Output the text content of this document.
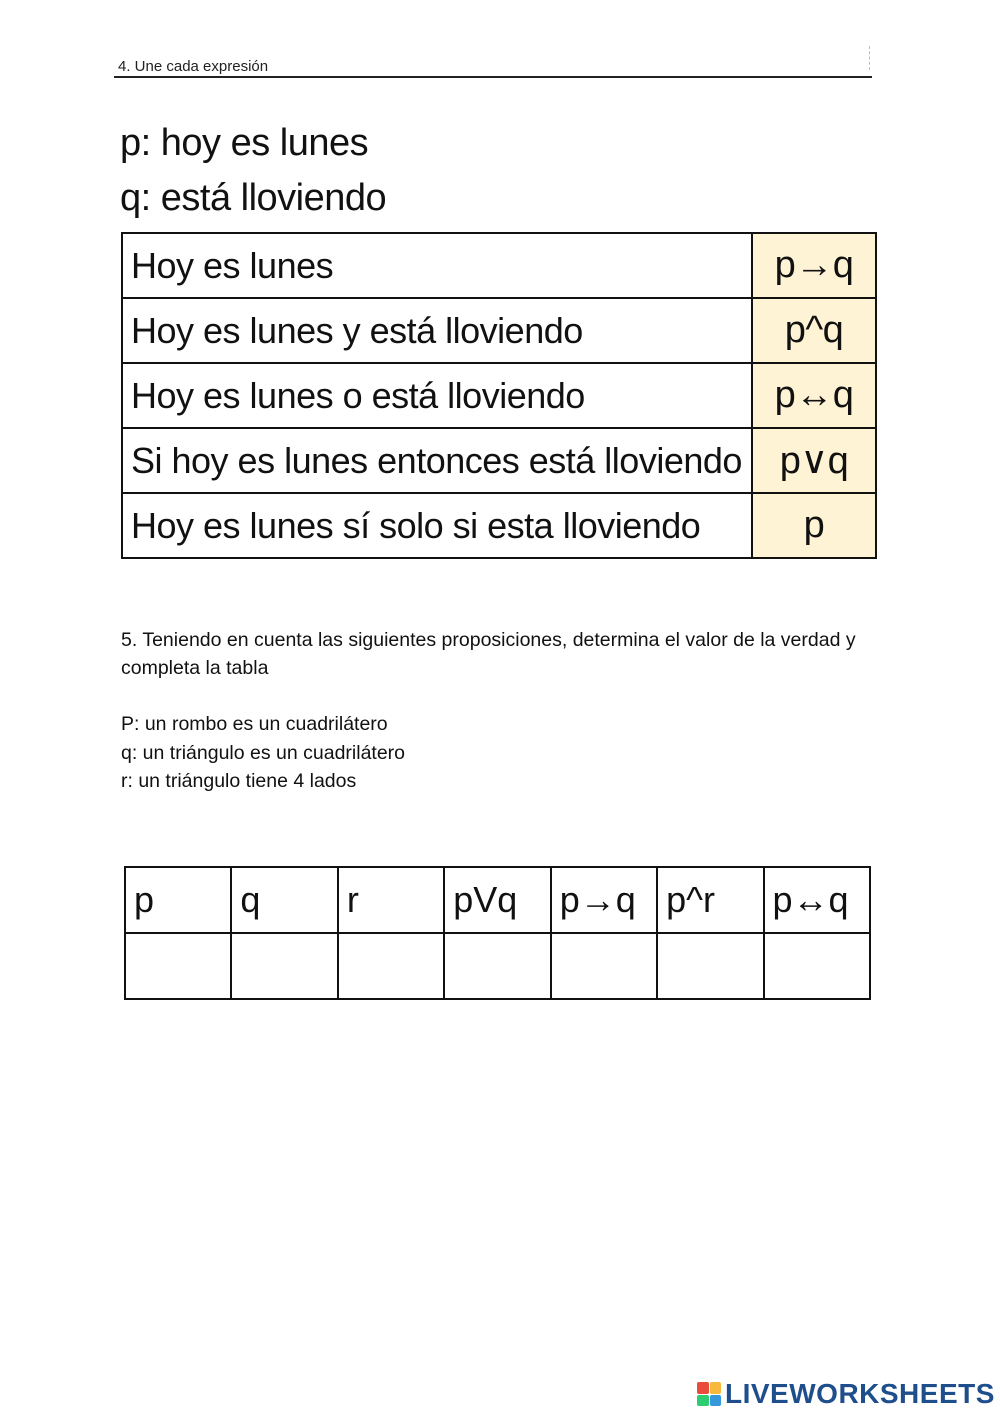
4. Une cada expresión
p: hoy es lunes
q: está lloviendo
Hoy es lunes	p→q
Hoy es lunes y está lloviendo	p^q
Hoy es lunes o está lloviendo	p↔q
Si hoy es lunes entonces está lloviendo	p∨q
Hoy es lunes sí solo si esta lloviendo	p
5. Teniendo en cuenta las siguientes proposiciones, determina el valor de la verdad y completa la tabla
P: un rombo es un cuadrilátero
q: un triángulo es un cuadrilátero
r: un triángulo tiene 4 lados
p	q	r	pVq	p→q	p^r	p↔q

LIVEWORKSHEETS
